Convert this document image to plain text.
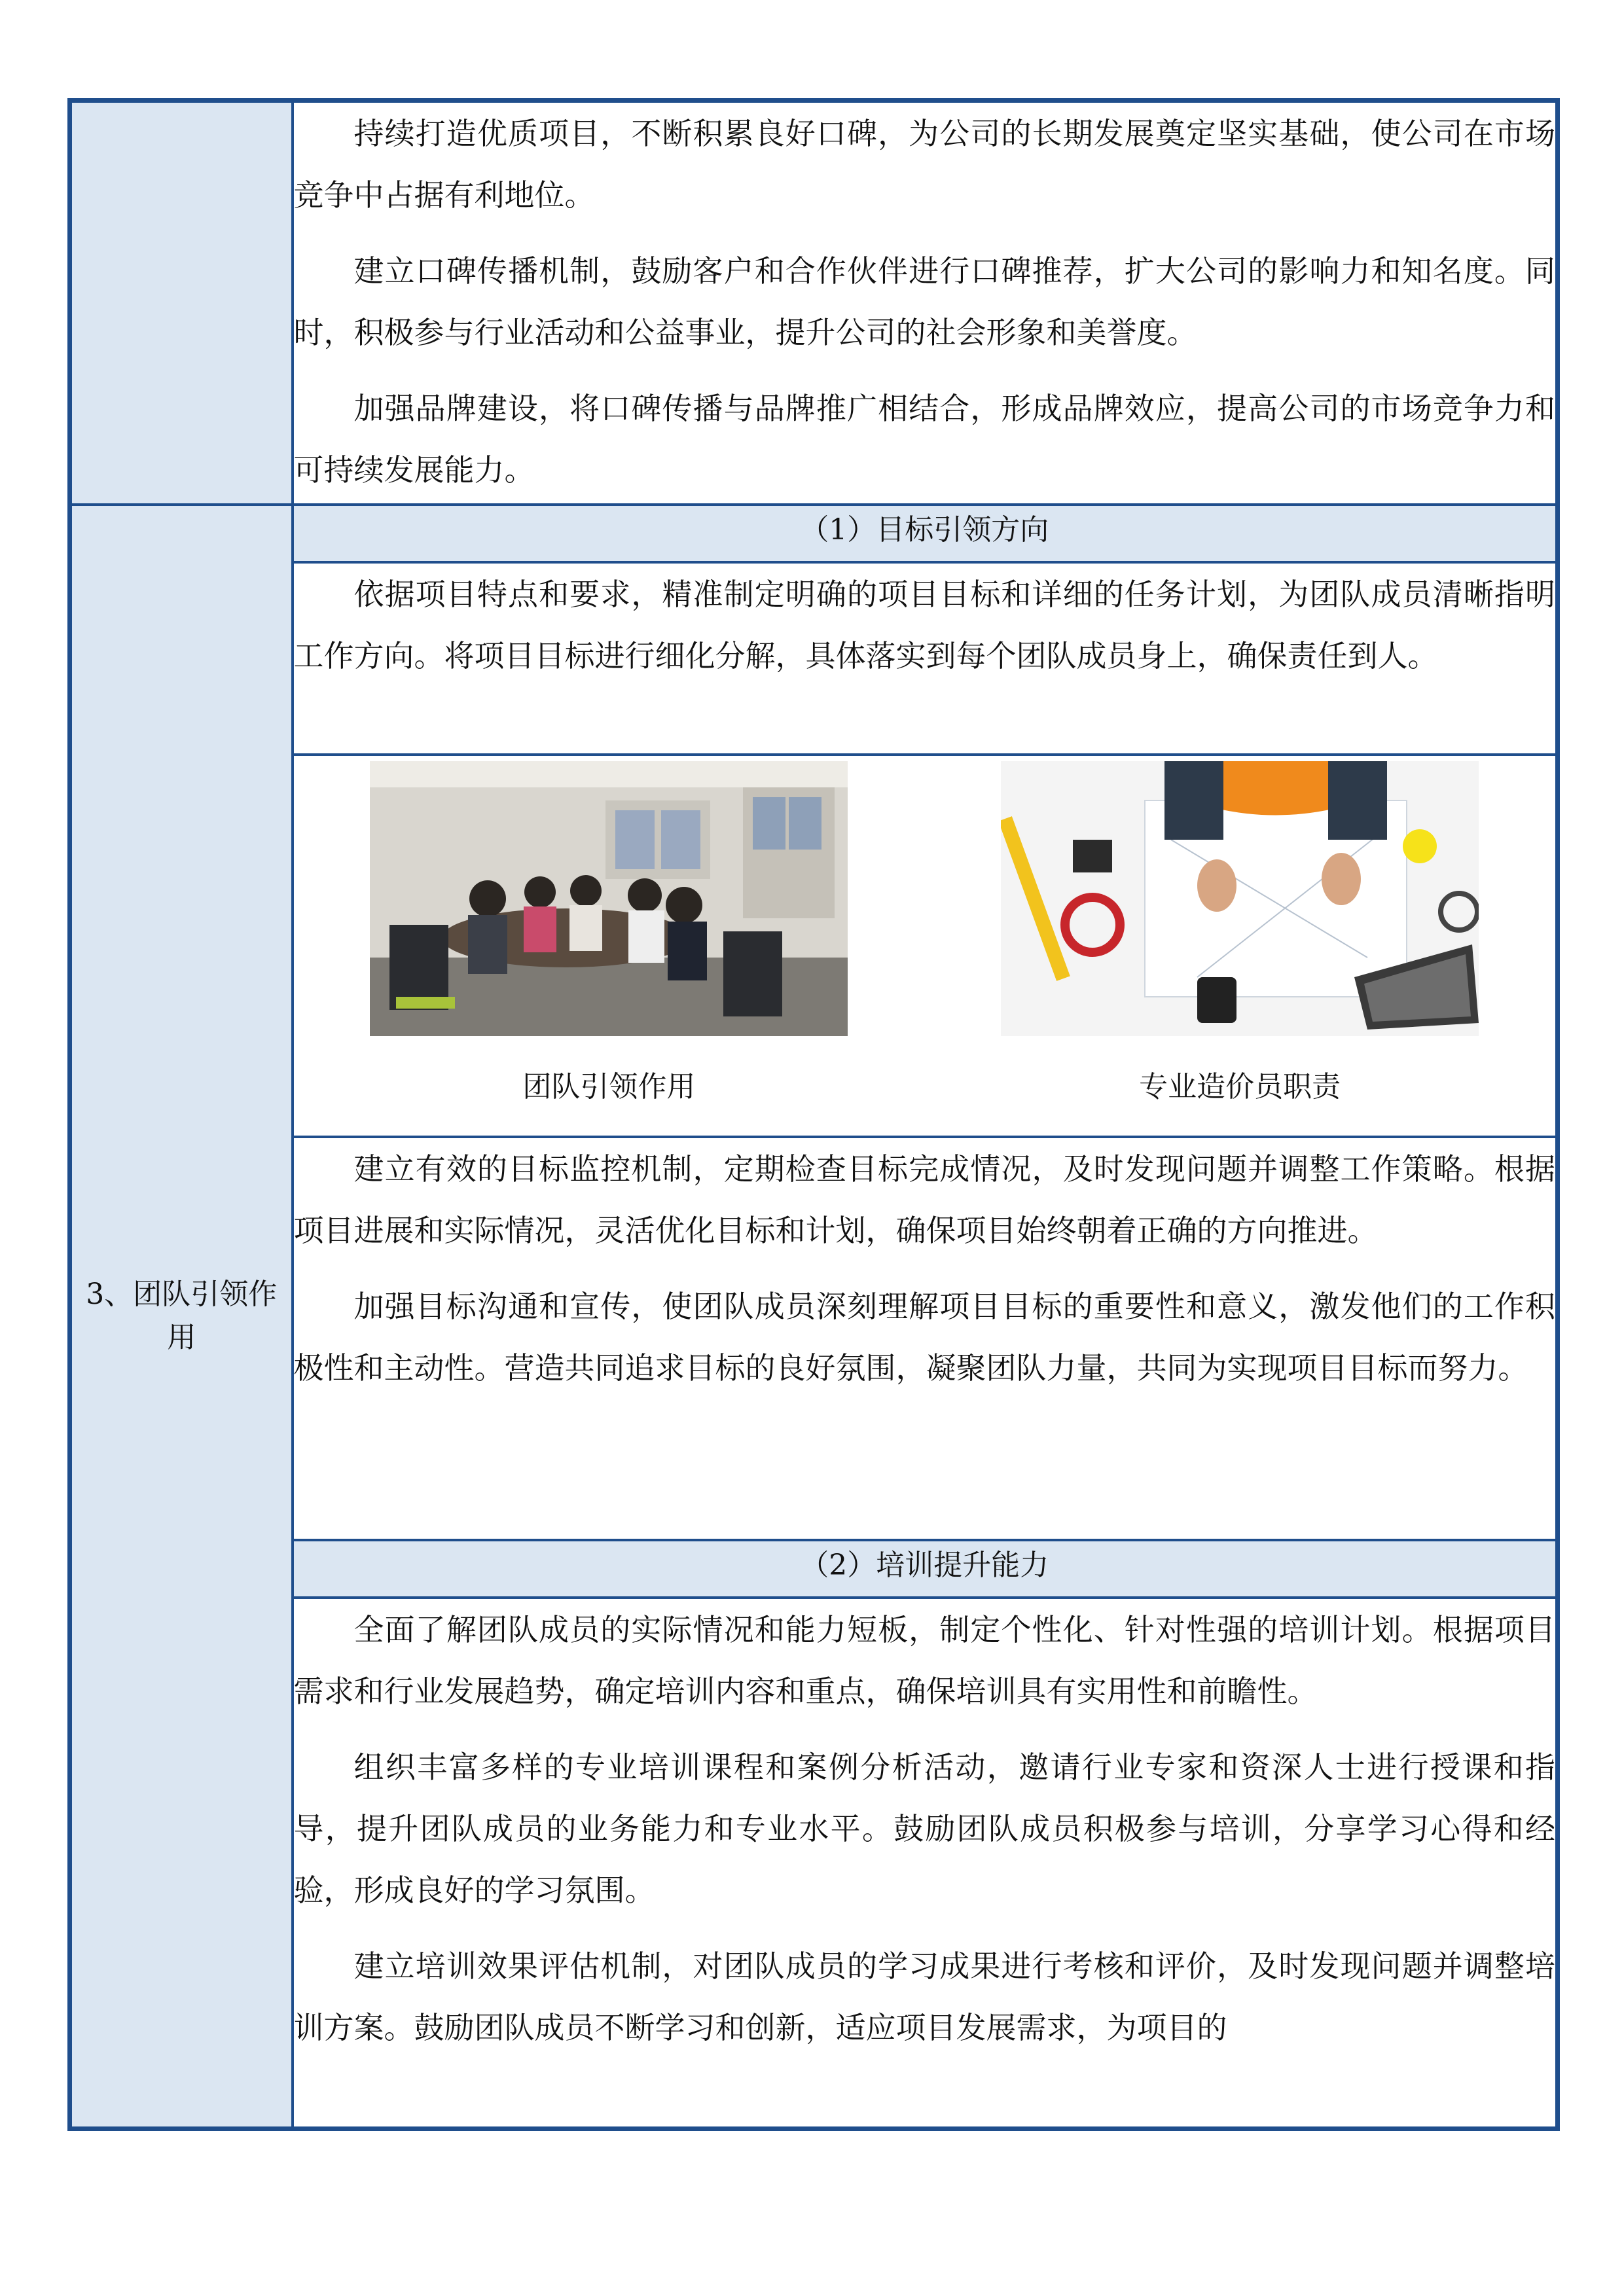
	持续打造优质项目，不断积累良好口碑，为公司的长期发展奠定坚实基础，使公司在市场竞争中占据有利地位。

建立口碑传播机制，鼓励客户和合作伙伴进行口碑推荐，扩大公司的影响力和知名度。同时，积极参与行业活动和公益事业，提升公司的社会形象和美誉度。

加强品牌建设，将口碑传播与品牌推广相结合，形成品牌效应，提高公司的市场竞争力和可持续发展能力。

3、团队引领作用	（1）目标引领方向

	依据项目特点和要求，精准制定明确的项目目标和详细的任务计划，为团队成员清晰指明工作方向。将项目目标进行细化分解，具体落实到每个团队成员身上，确保责任到人。

	团队引领作用 专业造价员职责

	建立有效的目标监控机制，定期检查目标完成情况，及时发现问题并调整工作策略。根据项目进展和实际情况，灵活优化目标和计划，确保项目始终朝着正确的方向推进。

加强目标沟通和宣传，使团队成员深刻理解项目目标的重要性和意义，激发他们的工作积极性和主动性。营造共同追求目标的良好氛围，凝聚团队力量，共同为实现项目目标而努力。

	（2）培训提升能力

	全面了解团队成员的实际情况和能力短板，制定个性化、针对性强的培训计划。根据项目需求和行业发展趋势，确定培训内容和重点，确保培训具有实用性和前瞻性。

组织丰富多样的专业培训课程和案例分析活动，邀请行业专家和资深人士进行授课和指导，提升团队成员的业务能力和专业水平。鼓励团队成员积极参与培训，分享学习心得和经验，形成良好的学习氛围。

建立培训效果评估机制，对团队成员的学习成果进行考核和评价，及时发现问题并调整培训方案。鼓励团队成员不断学习和创新，适应项目发展需求，为项目的
